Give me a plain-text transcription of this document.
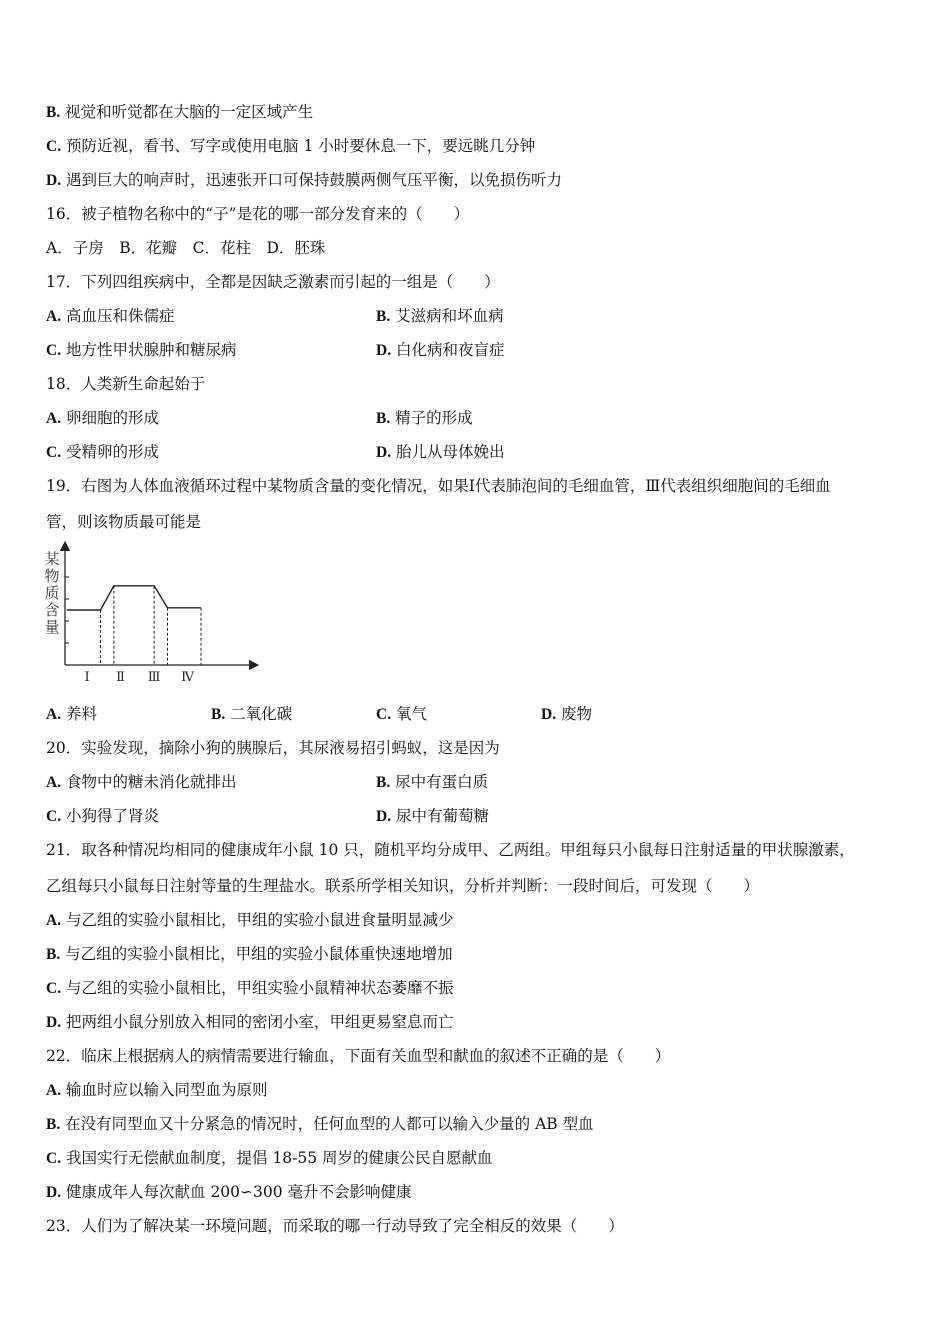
B. 视觉和听觉都在大脑的一定区域产生
C. 预防近视，看书、写字或使用电脑 1 小时要休息一下，要远眺几分钟
D. 遇到巨大的响声时，迅速张开口可保持鼓膜两侧气压平衡，以免损伤听力
16．被子植物名称中的“子”是花的哪一部分发育来的（　　）
A．子房　B．花瓣　C．花柱　D．胚珠
17．下列四组疾病中，全都是因缺乏激素而引起的一组是（　　）
A. 高血压和侏儒症	B. 艾滋病和坏血病
C. 地方性甲状腺肿和糖尿病	D. 白化病和夜盲症
18．人类新生命起始于
A. 卵细胞的形成	B. 精子的形成
C. 受精卵的形成	D. 胎儿从母体娩出
19．右图为人体血液循环过程中某物质含量的变化情况，如果Ⅰ代表肺泡间的毛细血管，Ⅲ代表组织细胞间的毛细血
管，则该物质最可能是
某
物
质
含
量
Ⅰ Ⅱ Ⅲ Ⅳ
A. 养料	B. 二氧化碳	C. 氧气	D. 废物
20．实验发现，摘除小狗的胰腺后，其尿液易招引蚂蚁，这是因为
A. 食物中的糖未消化就排出	B. 尿中有蛋白质
C. 小狗得了肾炎	D. 尿中有葡萄糖
21．取各种情况均相同的健康成年小鼠 10 只，随机平均分成甲、乙两组。甲组每只小鼠每日注射适量的甲状腺激素，
乙组每只小鼠每日注射等量的生理盐水。联系所学相关知识，分析并判断：一段时间后，可发现（　　）
A. 与乙组的实验小鼠相比，甲组的实验小鼠进食量明显减少
B. 与乙组的实验小鼠相比，甲组的实验小鼠体重快速地增加
C. 与乙组的实验小鼠相比，甲组实验小鼠精神状态萎靡不振
D. 把两组小鼠分别放入相同的密闭小室，甲组更易窒息而亡
22．临床上根据病人的病情需要进行输血，下面有关血型和献血的叙述不正确的是（　　）
A. 输血时应以输入同型血为原则
B. 在没有同型血又十分紧急的情况时，任何血型的人都可以输入少量的 AB 型血
C. 我国实行无偿献血制度，提倡 18-55 周岁的健康公民自愿献血
D. 健康成年人每次献血 200∽300 毫升不会影响健康
23．人们为了解决某一环境问题，而采取的哪一行动导致了完全相反的效果（　　）
